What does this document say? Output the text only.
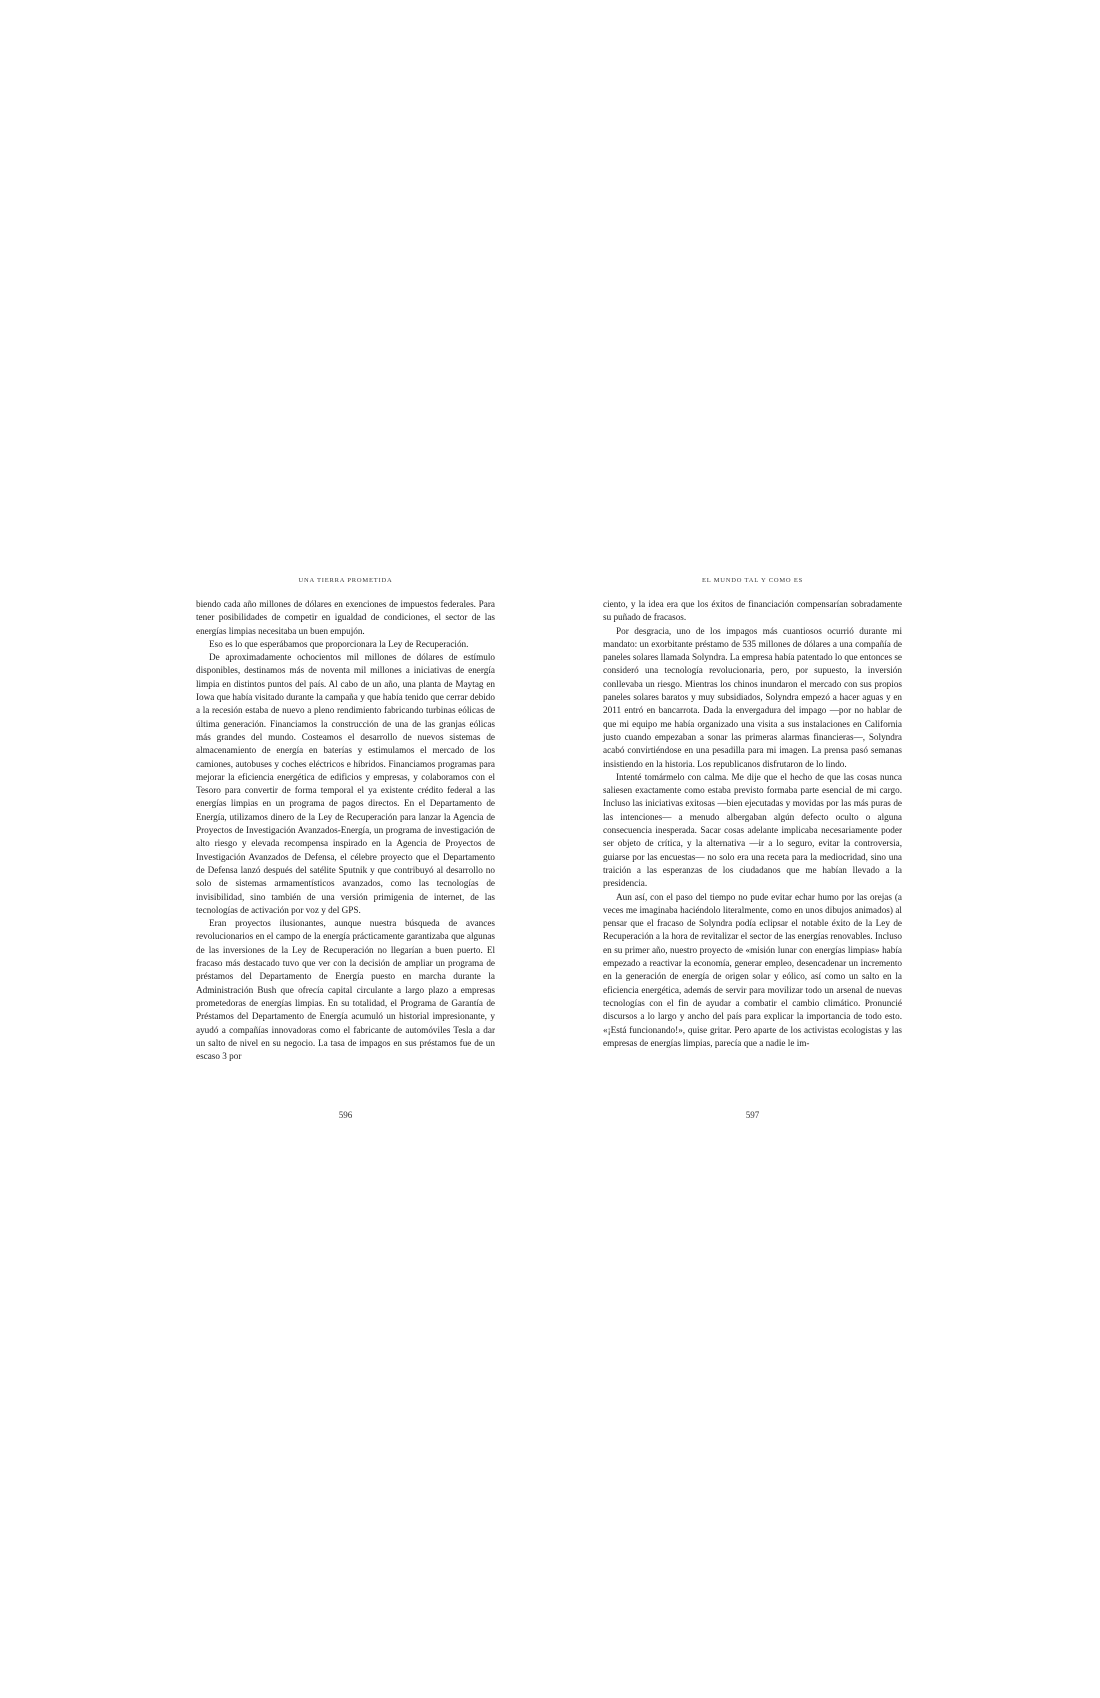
UNA TIERRA PROMETIDA

biendo cada año millones de dólares en exenciones de impuestos federales. Para tener posibilidades de competir en igualdad de condiciones, el sector de las energías limpias necesitaba un buen empujón.

Eso es lo que esperábamos que proporcionara la Ley de Recuperación.

De aproximadamente ochocientos mil millones de dólares de estímulo disponibles, destinamos más de noventa mil millones a iniciativas de energía limpia en distintos puntos del país. Al cabo de un año, una planta de Maytag en Iowa que había visitado durante la campaña y que había tenido que cerrar debido a la recesión estaba de nuevo a pleno rendimiento fabricando turbinas eólicas de última generación. Financiamos la construcción de una de las granjas eólicas más grandes del mundo. Costeamos el desarrollo de nuevos sistemas de almacenamiento de energía en baterías y estimulamos el mercado de los camiones, autobuses y coches eléctricos e híbridos. Financiamos programas para mejorar la eficiencia energética de edificios y empresas, y colaboramos con el Tesoro para convertir de forma temporal el ya existente crédito federal a las energías limpias en un programa de pagos directos. En el Departamento de Energía, utilizamos dinero de la Ley de Recuperación para lanzar la Agencia de Proyectos de Investigación Avanzados-Energía, un programa de investigación de alto riesgo y elevada recompensa inspirado en la Agencia de Proyectos de Investigación Avanzados de Defensa, el célebre proyecto que el Departamento de Defensa lanzó después del satélite Sputnik y que contribuyó al desarrollo no solo de sistemas armamentísticos avanzados, como las tecnologías de invisibilidad, sino también de una versión primigenia de internet, de las tecnologías de activación por voz y del GPS.

Eran proyectos ilusionantes, aunque nuestra búsqueda de avances revolucionarios en el campo de la energía prácticamente garantizaba que algunas de las inversiones de la Ley de Recuperación no llegarían a buen puerto. El fracaso más destacado tuvo que ver con la decisión de ampliar un programa de préstamos del Departamento de Energía puesto en marcha durante la Administración Bush que ofrecía capital circulante a largo plazo a empresas prometedoras de energías limpias. En su totalidad, el Programa de Garantía de Préstamos del Departamento de Energía acumuló un historial impresionante, y ayudó a compañías innovadoras como el fabricante de automóviles Tesla a dar un salto de nivel en su negocio. La tasa de impagos en sus préstamos fue de un escaso 3 por

EL MUNDO TAL Y COMO ES

ciento, y la idea era que los éxitos de financiación compensarían sobradamente su puñado de fracasos.

Por desgracia, uno de los impagos más cuantiosos ocurrió durante mi mandato: un exorbitante préstamo de 535 millones de dólares a una compañía de paneles solares llamada Solyndra. La empresa había patentado lo que entonces se consideró una tecnología revolucionaria, pero, por supuesto, la inversión conllevaba un riesgo. Mientras los chinos inundaron el mercado con sus propios paneles solares baratos y muy subsidiados, Solyndra empezó a hacer aguas y en 2011 entró en bancarrota. Dada la envergadura del impago —por no hablar de que mi equipo me había organizado una visita a sus instalaciones en California justo cuando empezaban a sonar las primeras alarmas financieras—, Solyndra acabó convirtiéndose en una pesadilla para mi imagen. La prensa pasó semanas insistiendo en la historia. Los republicanos disfrutaron de lo lindo.

Intenté tomármelo con calma. Me dije que el hecho de que las cosas nunca saliesen exactamente como estaba previsto formaba parte esencial de mi cargo. Incluso las iniciativas exitosas —bien ejecutadas y movidas por las más puras de las intenciones— a menudo albergaban algún defecto oculto o alguna consecuencia inesperada. Sacar cosas adelante implicaba necesariamente poder ser objeto de crítica, y la alternativa —ir a lo seguro, evitar la controversia, guiarse por las encuestas— no solo era una receta para la mediocridad, sino una traición a las esperanzas de los ciudadanos que me habían llevado a la presidencia.

Aun así, con el paso del tiempo no pude evitar echar humo por las orejas (a veces me imaginaba haciéndolo literalmente, como en unos dibujos animados) al pensar que el fracaso de Solyndra podía eclipsar el notable éxito de la Ley de Recuperación a la hora de revitalizar el sector de las energías renovables. Incluso en su primer año, nuestro proyecto de «misión lunar con energías limpias» había empezado a reactivar la economía, generar empleo, desencadenar un incremento en la generación de energía de origen solar y eólico, así como un salto en la eficiencia energética, además de servir para movilizar todo un arsenal de nuevas tecnologías con el fin de ayudar a combatir el cambio climático. Pronuncié discursos a lo largo y ancho del país para explicar la importancia de todo esto. «¡Está funcionando!», quise gritar. Pero aparte de los activistas ecologistas y las empresas de energías limpias, parecía que a nadie le im-

596	597
